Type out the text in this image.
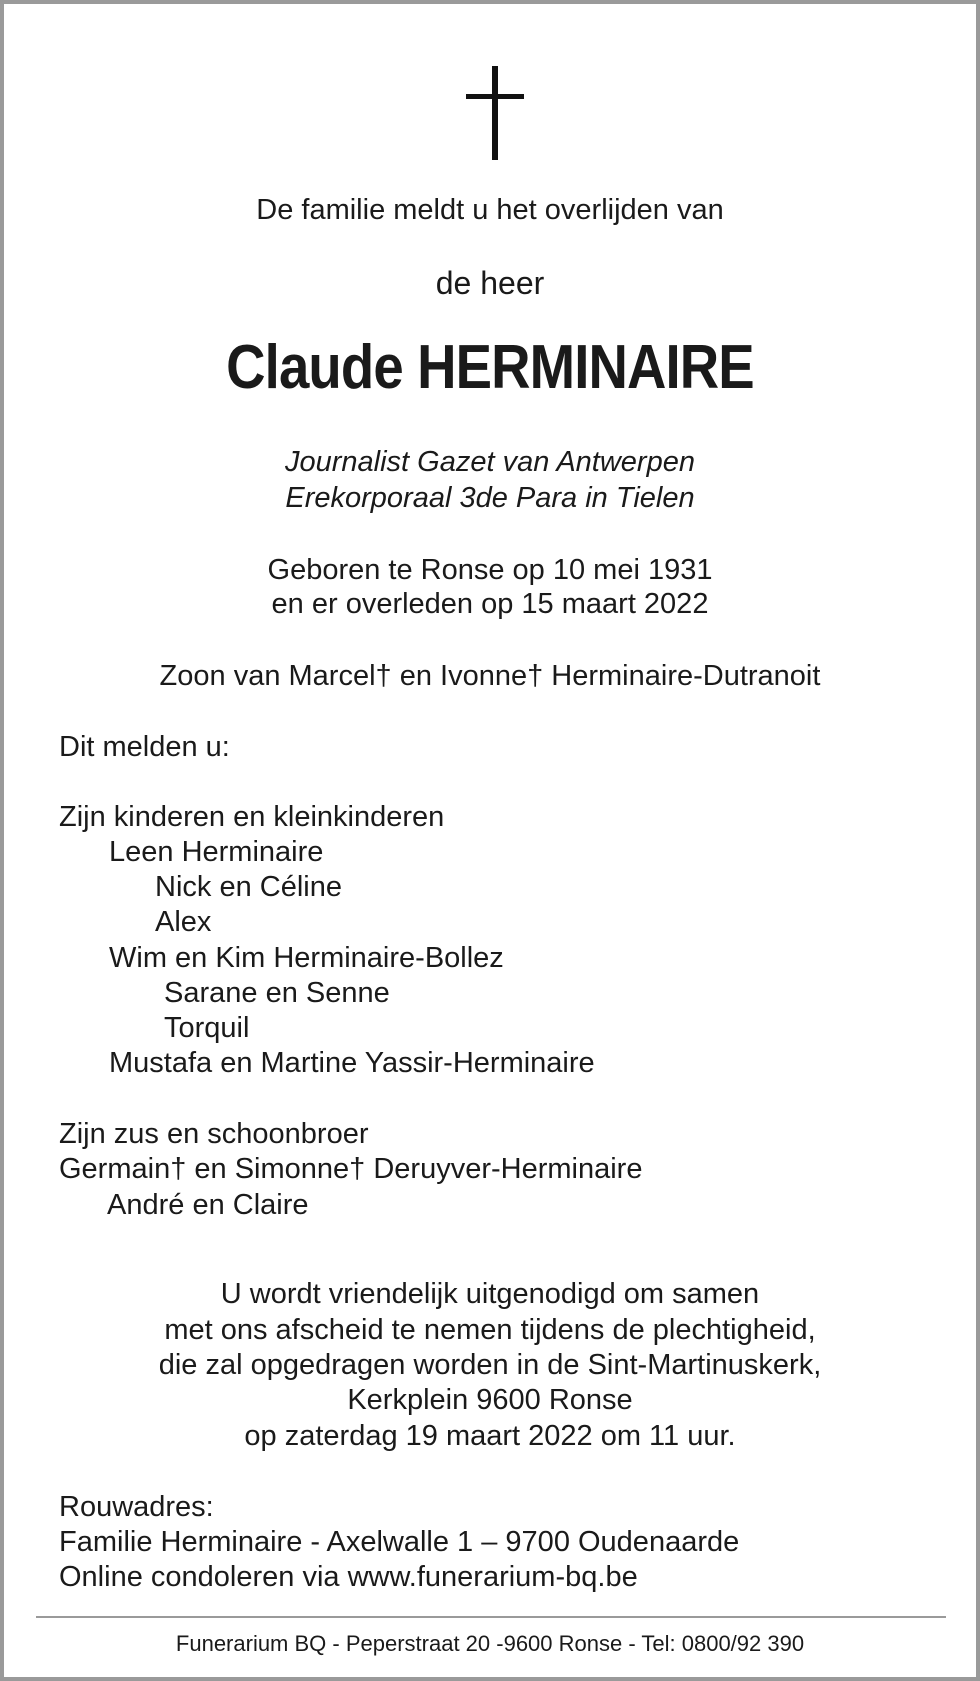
De familie meldt u het overlijden van
de heer
Claude HERMINAIRE
Journalist Gazet van Antwerpen
Erekorporaal 3de Para in Tielen
Geboren te Ronse op 10 mei 1931
en er overleden op 15 maart 2022
Zoon van Marcel† en Ivonne† Herminaire-Dutranoit
Dit melden u:
Zijn kinderen en kleinkinderen
Leen Herminaire
Nick en Céline
Alex
Wim en Kim Herminaire-Bollez
Sarane en Senne
Torquil
Mustafa en Martine Yassir-Herminaire
Zijn zus en schoonbroer
Germain† en Simonne† Deruyver-Herminaire
André en Claire
U wordt vriendelijk uitgenodigd om samen
met ons afscheid te nemen tijdens de plechtigheid,
die zal opgedragen worden in de Sint-Martinuskerk,
Kerkplein 9600 Ronse
op zaterdag 19 maart 2022 om 11 uur.
Rouwadres:
Familie Herminaire - Axelwalle 1 – 9700 Oudenaarde
Online condoleren via www.funerarium-bq.be
Funerarium BQ - Peperstraat 20 -9600 Ronse - Tel: 0800/92 390
